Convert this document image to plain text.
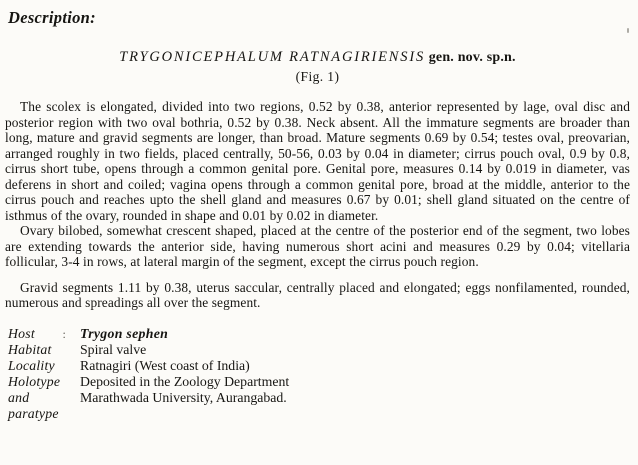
Description:
TRYGONICEPHALUM RATNAGIRIENSIS gen. nov. sp.n.
(Fig. 1)

The scolex is elongated, divided into two regions, 0.52 by 0.38, anterior represented by lage, oval disc and posterior region with two oval bothria, 0.52 by 0.38. Neck absent. All the immature segments are broader than long, mature and gravid segments are longer, than broad. Mature segments 0.69 by 0.54; testes oval, preovarian, arranged roughly in two fields, placed centrally, 50-56, 0.03 by 0.04 in diameter; cirrus pouch oval, 0.9 by 0.8, cirrus short tube, opens through a common genital pore. Genital pore, measures 0.14 by 0.019 in diameter, vas deferens in short and coiled; vagina opens through a common genital pore, broad at the middle, anterior to the cirrus pouch and reaches upto the shell gland and measures 0.67 by 0.01; shell gland situated on the centre of isthmus of the ovary, rounded in shape and 0.01 by 0.02 in diameter.

Ovary bilobed, somewhat crescent shaped, placed at the centre of the posterior end of the segment, two lobes are extending towards the anterior side, having numerous short acini and measures 0.29 by 0.04; vitellaria follicular, 3-4 in rows, at lateral margin of the segment, except the cirrus pouch region.

Gravid segments 1.11 by 0.38, uterus saccular, centrally placed and elongated; eggs nonfilamented, rounded, numerous and spreadings all over the segment.

Host : Trygon sephen
Habitat	Spiral valve
Locality	Ratnagiri (West coast of India)
Holotype	Deposited in the Zoology Department
and paratype
Marathwada University, Aurangabad.
